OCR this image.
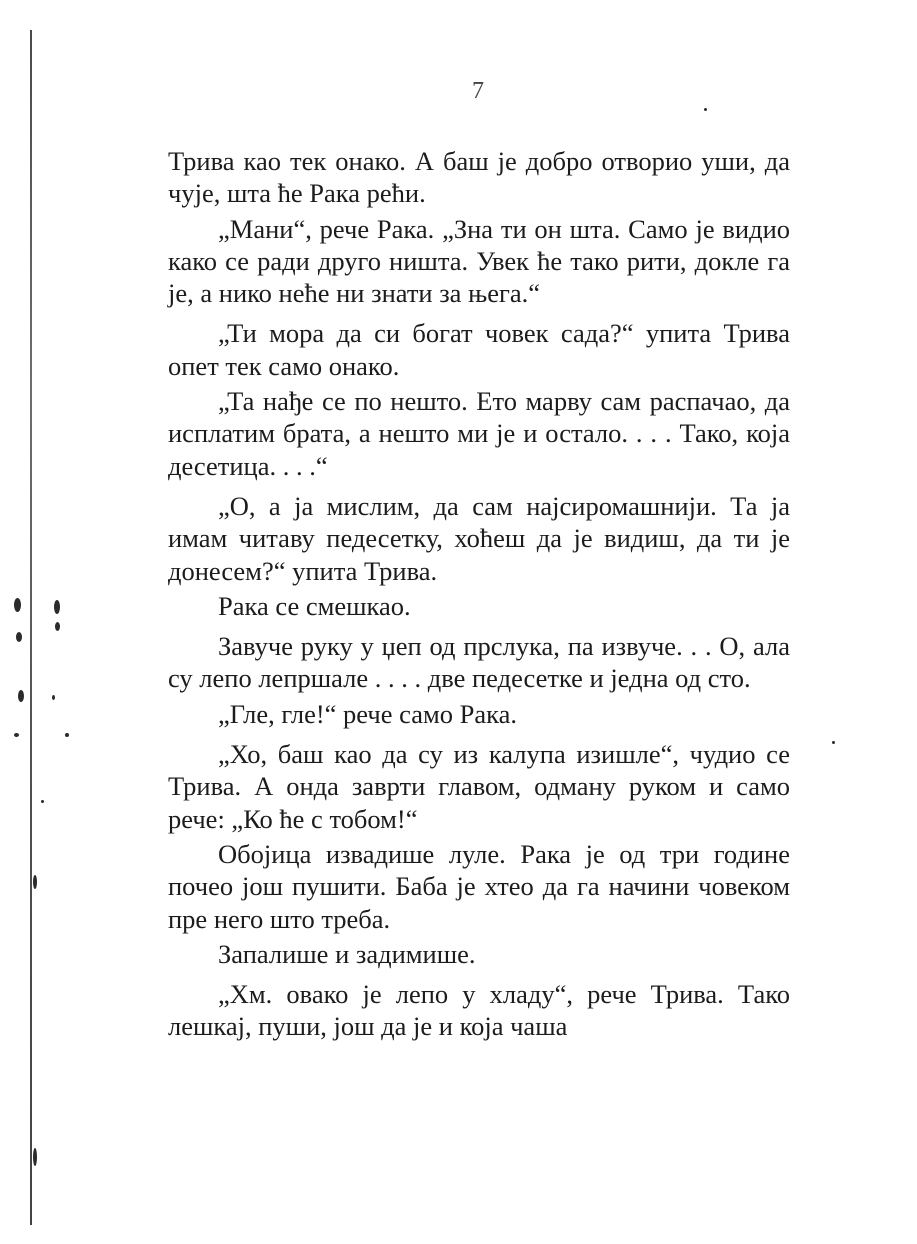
7

Трива као тек онако. А баш је добро отворио уши, да чује, шта ће Рака рећи.

„Мани“, рече Рака. „Зна ти он шта. Само је видио како се ради друго ништа. Увек ће тако рити, докле га је, а нико неће ни знати за њега.“

„Ти мора да си богат човек сада?“ упита Трива опет тек само онако.

„Та нађе се по нешто. Ето марву сам распачао, да исплатим брата, а нешто ми је и остало. . . . Тако, која десетица. . . .“

„О, а ја мислим, да сам најсиромашнији. Та ја имам читаву педесетку, хоћеш да је видиш, да ти је донесем?“ упита Трива.

Рака се смешкао.

Завуче руку у џеп од прслука, па извуче. . . О, ала су лепо лепршале . . . . две педесетке и једна од сто.

„Гле, гле!“ рече само Рака.

„Хо, баш као да су из калупа изишле“, чудио се Трива. А онда заврти главом, одману руком и само рече: „Ко ће с тобом!“

Обојица извадише луле. Рака је од три године почео још пушити. Баба је хтео да га начини човеком пре него што треба.

Запалише и задимише.

„Хм. овако је лепо у хладу“, рече Трива. Тако лешкај, пуши, још да је и која чаша
